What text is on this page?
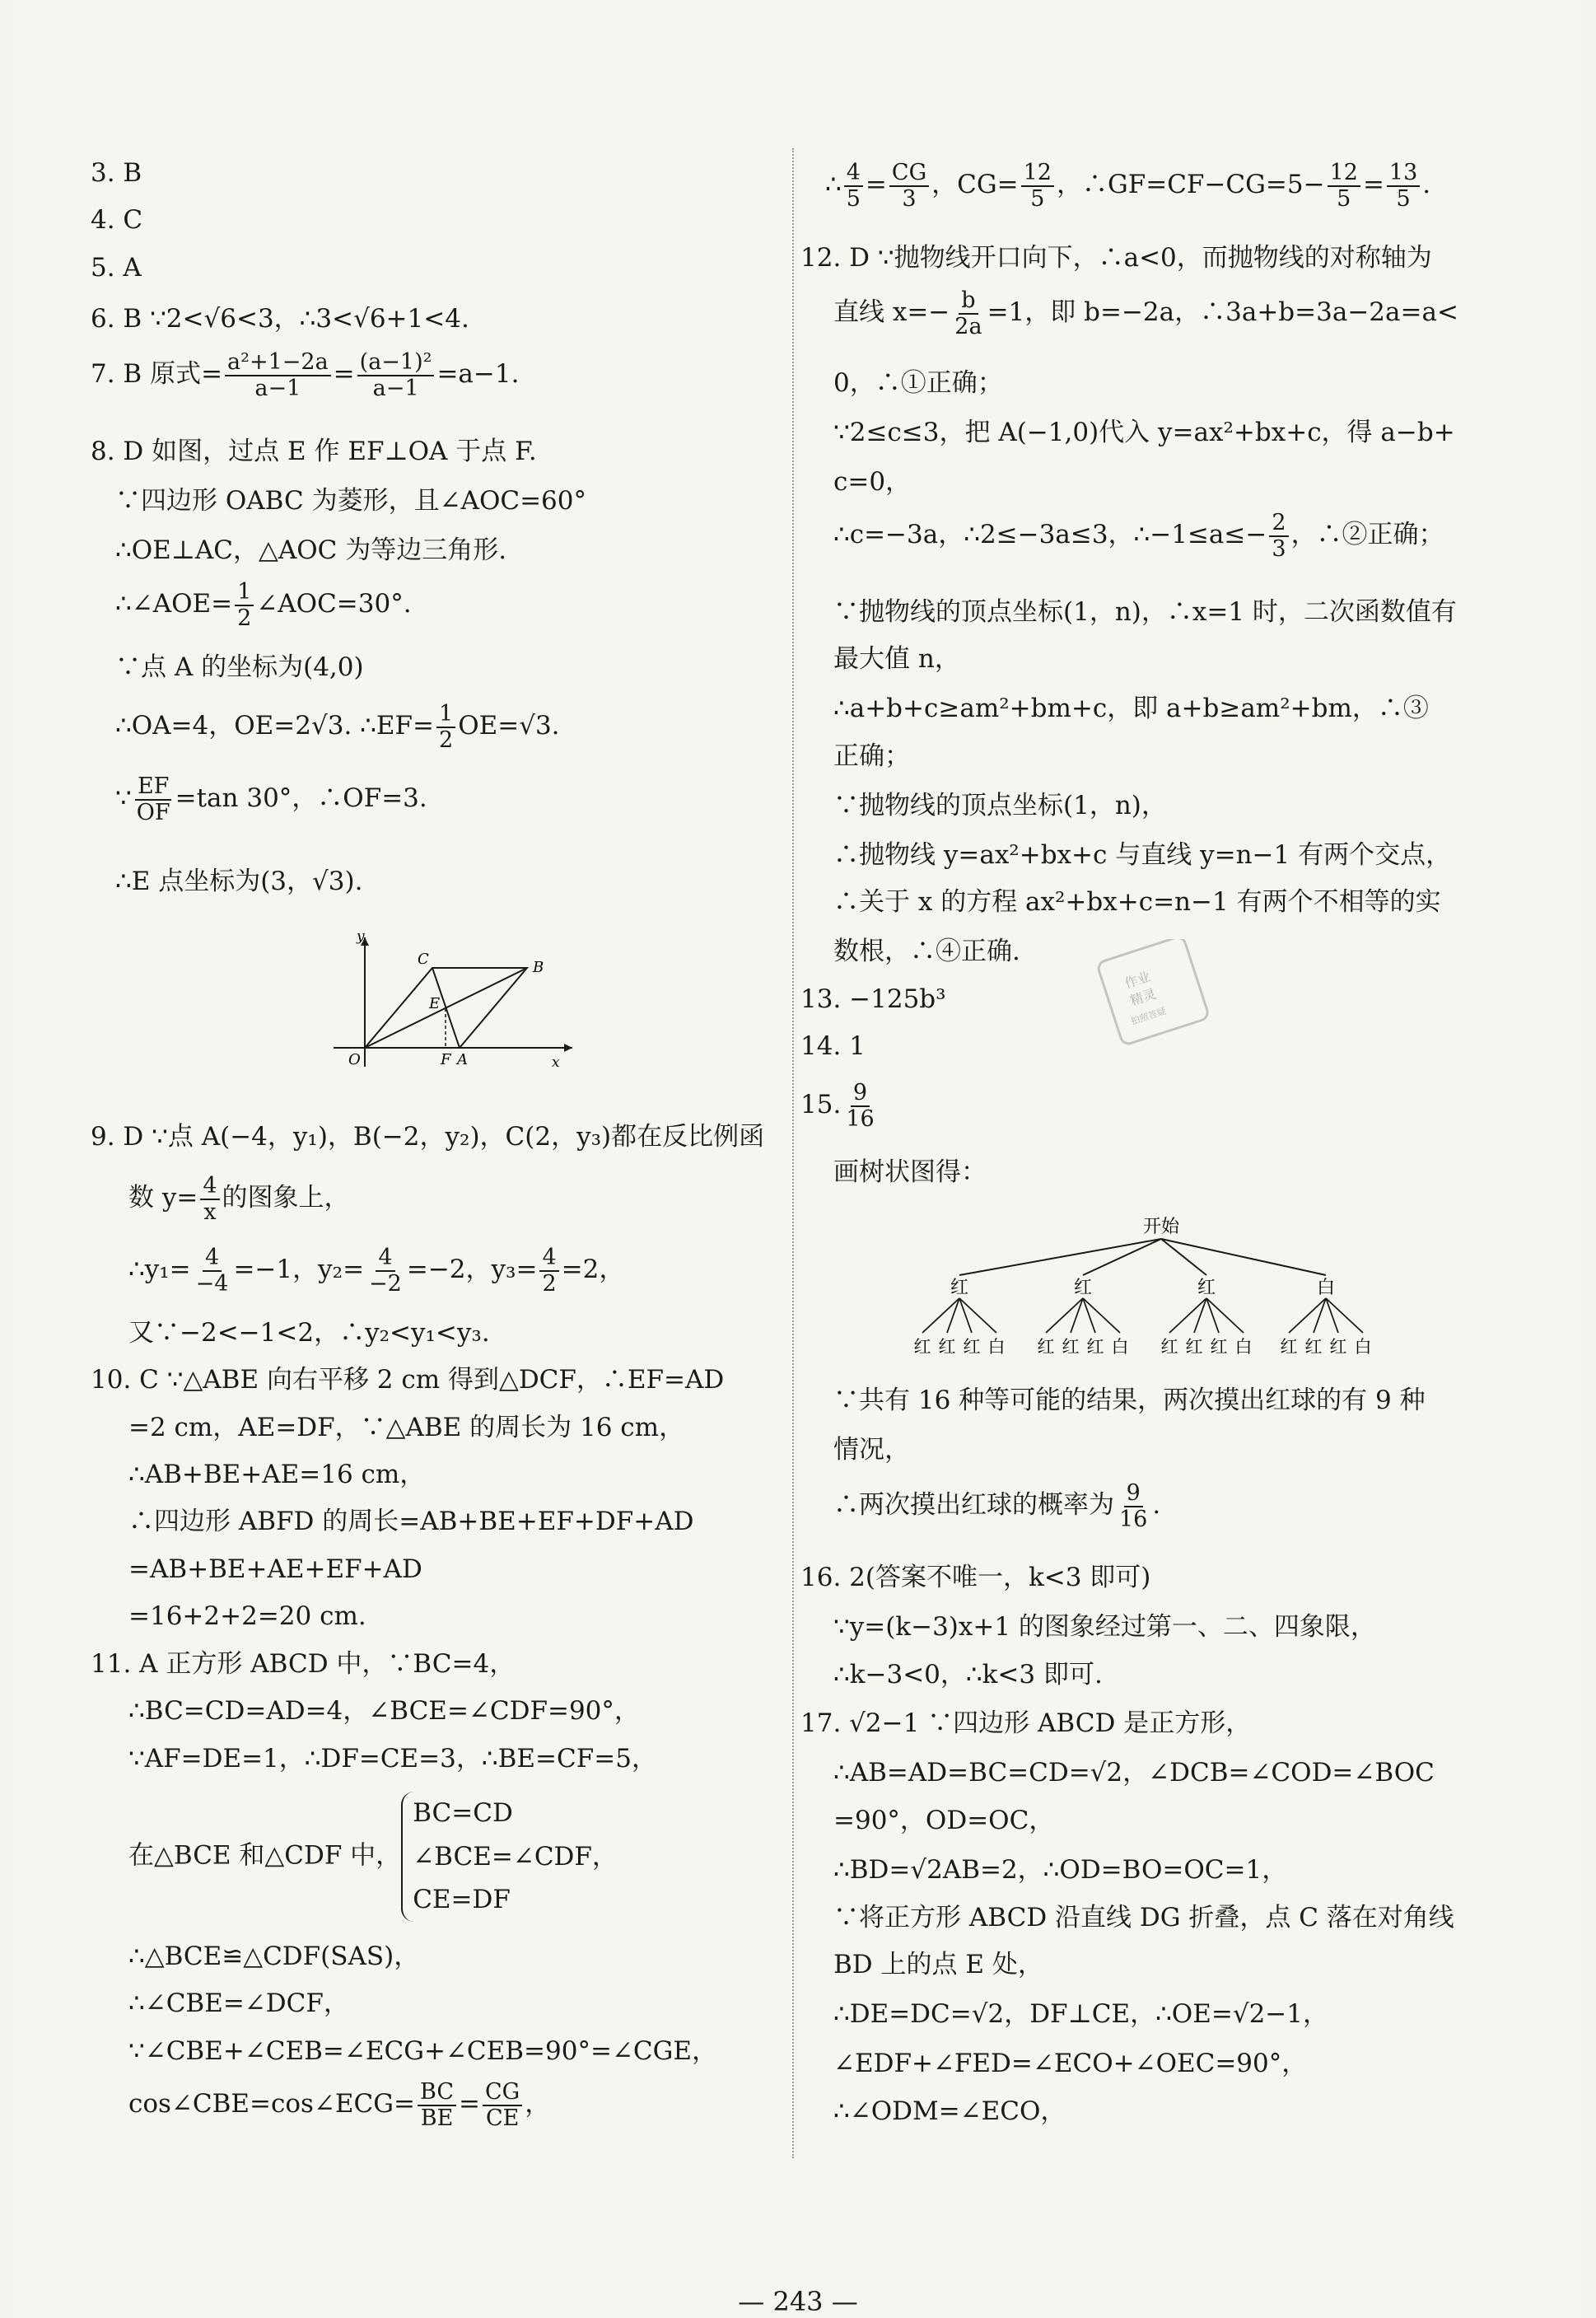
3. B
4. C
5. A
6. B ∵2<√6<3，∴3<√6+1<4.
7. B 原式= $\frac{\text{a²+1−2a}}{a-1} = \frac{\text{(a−1)²}}{a-1} =a-1$.
8. D 如图，过点 E 作 EF⊥OA 于点 F.
∵四边形 OABC 为菱形，且∠AOC=60°
∴OE⊥AC，△AOC 为等边三角形.
∴∠AOE= $\frac{1}{2}$ ∠AOC=30°.
∵点 A 的坐标为(4,0)
∴OA=4，OE=2√3. ∴EF= $\frac{1}{2} OE=√3$.
∵ $\frac{EF}{OF} =\tan$ 30°，∴OF=3.
∴E 点坐标为(3，√3).
y
x
O	A
F
B
C
E
9. D ∵点 A(−4，y₁)，B(−2，y₂)，C(2，y₃)都在反比例函
数 $y= \frac{4}{x}$ 的图象上，
∴y₁= $\frac{4}{-4} =-1$，$y_2= \frac{4}{-2} =-2$，$y_3= \frac{4}{2} =2$，
又∵−2<−1<2，∴y₂<y₁<y₃.
10. C ∵△ABE 向右平移 2 cm 得到△DCF，∴EF=AD
=2 cm，AE=DF，∵△ABE 的周长为 16 cm，
∴AB+BE+AE=16 cm，
∴四边形 ABFD 的周长=AB+BE+EF+DF+AD
=AB+BE+AE+EF+AD
=16+2+2=20 cm.
11. A 正方形 ABCD 中，∵BC=4，
∴BC=CD=AD=4，∠BCE=∠CDF=90°，
∵AF=DE=1，∴DF=CE=3，∴BE=CF=5，
在△BCE 和△CDF 中，BC=CD
∠BCE=∠CDF，
CE=DF
∴△BCE≌△CDF(SAS)，
∴∠CBE=∠DCF，
∵∠CBE+∠CEB=∠ECG+∠CEB=90°=∠CGE，
cos∠CBE=cos∠ECG= $\frac{BC}{BE} = \frac{CG}{CE}$ ，
∴ $\frac{4}{5} = \frac{CG}{3}$ ，$CG= \frac{12}{5}$ ，∴GF=CF−CG=5− $\frac{12}{5} = \frac{13}{5}$ .
12. D ∵抛物线开口向下，∴a<0，而抛物线的对称轴为
直线 $x=- \frac{b}{2a} =1$，即 b=−2a，∴3a+b=3a−2a=a<
0，∴①正确；
∵2≤c≤3，把 A(−1,0)代入 y=ax²+bx+c，得 a−b+
c=0，
∴c=−3a，∴2≤−3a≤3，∴−1≤a≤− $\frac{2}{3}$ ，∴②正确；
∵抛物线的顶点坐标(1，n)，∴x=1 时，二次函数值有
最大值 n，
∴a+b+c≥am²+bm+c，即 a+b≥am²+bm，∴③
正确；
∵抛物线的顶点坐标(1，n)，
∴抛物线 y=ax²+bx+c 与直线 y=n−1 有两个交点，
∴关于 x 的方程 ax²+bx+c=n−1 有两个不相等的实
数根，∴④正确.
13. −125b³
14. 1
15. $\frac{9}{16}$
画树状图得：
作业
精灵
拍照答疑
开始
红
红 红 红 白
红
红 红 红 白
红
红 红 红 白
白
红 红 红 白
∵共有 16 种等可能的结果，两次摸出红球的有 9 种
情况，
∴两次摸出红球的概率为 $\frac{9}{16}$ .
16. 2(答案不唯一，k<3 即可)
∵y=(k−3)x+1 的图象经过第一、二、四象限，
∴k−3<0，∴k<3 即可.
17. √2−1 ∵四边形 ABCD 是正方形，
∴AB=AD=BC=CD=√2，∠DCB=∠COD=∠BOC
=90°，OD=OC，
∴BD=√2AB=2，∴OD=BO=OC=1，
∵将正方形 ABCD 沿直线 DG 折叠，点 C 落在对角线
BD 上的点 E 处，
∴DE=DC=√2，DF⊥CE，∴OE=√2−1，
∠EDF+∠FED=∠ECO+∠OEC=90°，
∴∠ODM=∠ECO，
— 243 —
